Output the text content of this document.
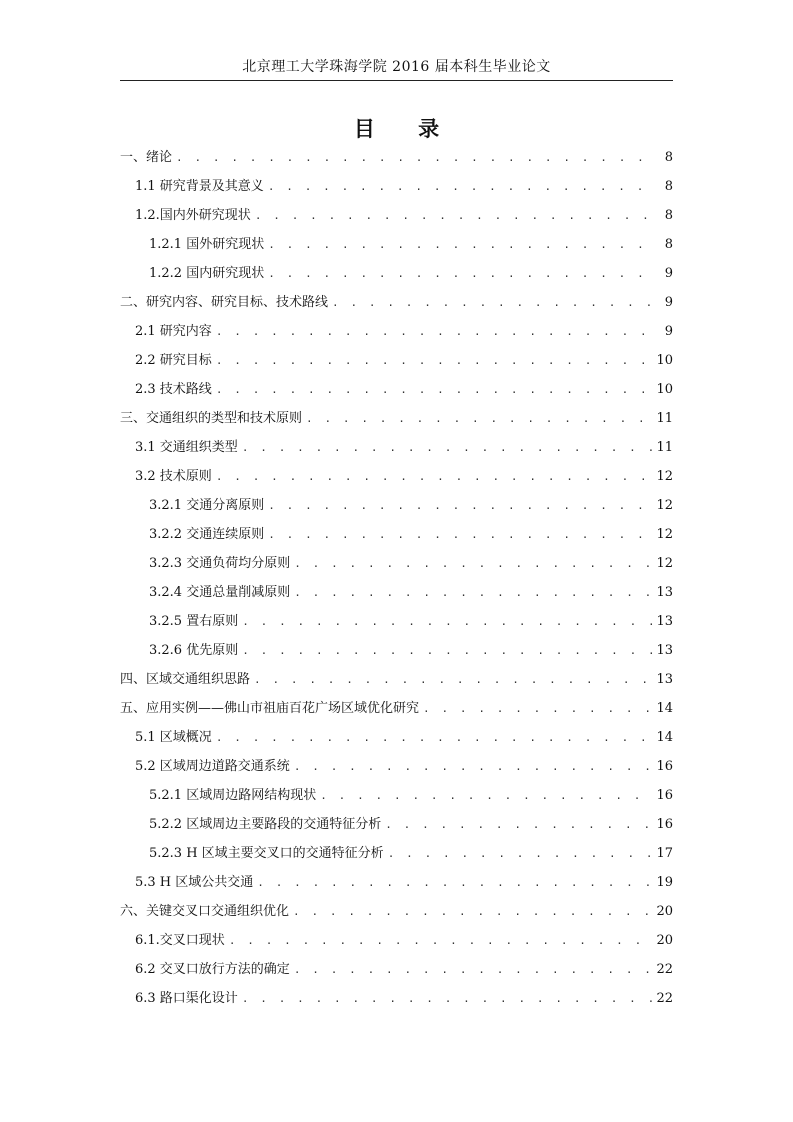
北京理工大学珠海学院 2016 届本科生毕业论文
目 录
一、绪论 . . .	8
1.1 研究背景及其意义 . . .	8
1.2.国内外研究现状 . . .	8
1.2.1 国外研究现状 . . .	8
1.2.2 国内研究现状 . . .	9
二、研究内容、研究目标、技术路线 . . .	9
2.1 研究内容 . . .	9
2.2 研究目标 . . .	10
2.3 技术路线 . . .	10
三、交通组织的类型和技术原则 . . .	11
3.1 交通组织类型 . . .	11
3.2 技术原则 . . .	12
3.2.1 交通分离原则 . . .	12
3.2.2 交通连续原则 . . .	12
3.2.3 交通负荷均分原则 . . .	12
3.2.4 交通总量削减原则 . . .	13
3.2.5 置右原则 . . .	13
3.2.6 优先原则 . . .	13
四、区域交通组织思路 . . .	13
五、应用实例——佛山市祖庙百花广场区域优化研究 . . .	14
5.1 区域概况 . . .	14
5.2 区域周边道路交通系统 . . .	16
5.2.1 区域周边路网结构现状 . . .	16
5.2.2 区域周边主要路段的交通特征分析 . . .	16
5.2.3 H 区域主要交叉口的交通特征分析 . . .	17
5.3 H 区域公共交通 . . .	19
六、关键交叉口交通组织优化 . . .	20
6.1.交叉口现状 . . .	20
6.2 交叉口放行方法的确定 . . .	22
6.3 路口渠化设计 . . .	22
